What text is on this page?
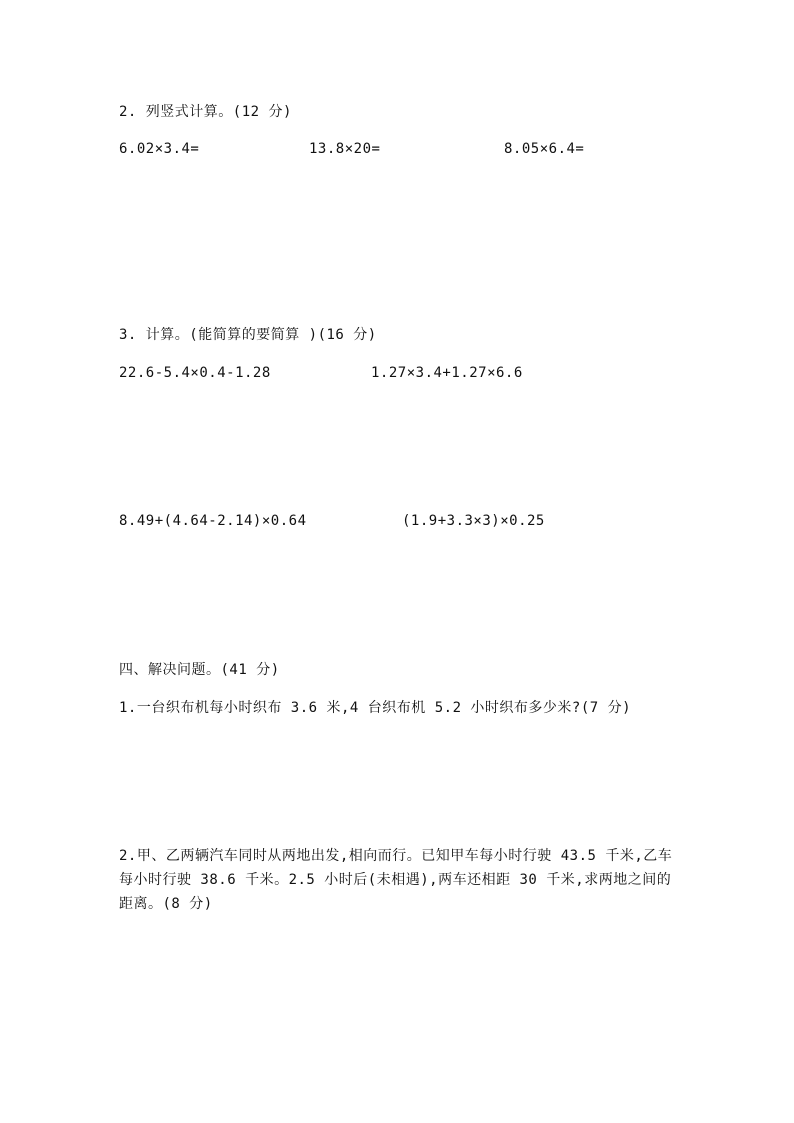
2. 列竖式计算。(12 分)
6.02×3.4=	13.8×20=	8.05×6.4=
3. 计算。(能简算的要简算 )(16 分)
22.6-5.4×0.4-1.28	1.27×3.4+1.27×6.6
8.49+(4.64-2.14)×0.64	(1.9+3.3×3)×0.25
四、解决问题。(41 分)
1.一台织布机每小时织布 3.6 米,4 台织布机 5.2 小时织布多少米?(7 分)
2.甲、乙两辆汽车同时从两地出发,相向而行。已知甲车每小时行驶 43.5 千米,乙车每小时行驶 38.6 千米。2.5 小时后(未相遇),两车还相距 30 千米,求两地之间的距离。(8 分)
